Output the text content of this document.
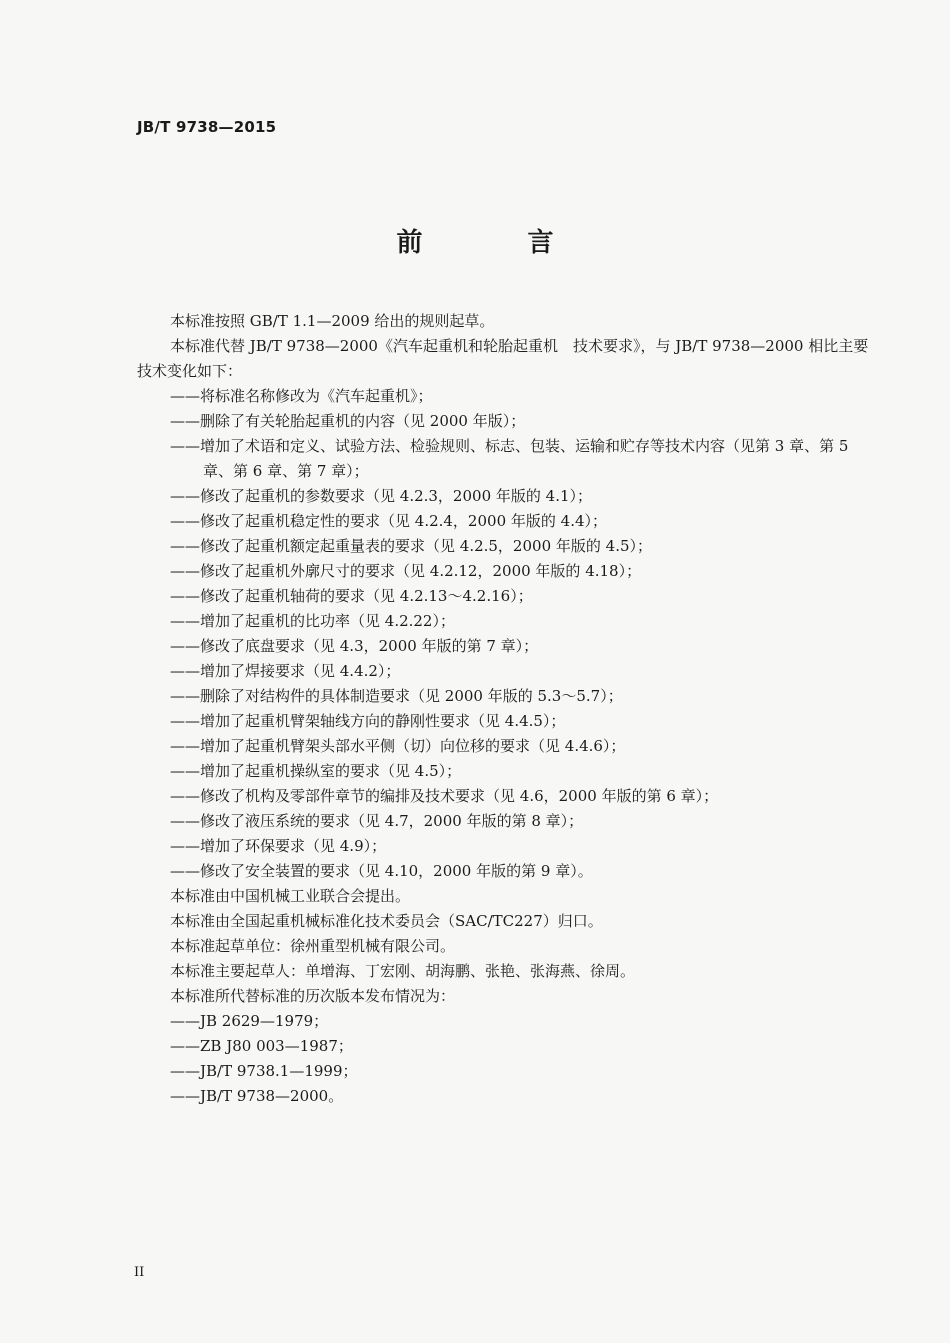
JB/T 9738—2015
前 言

本标准按照 GB/T 1.1—2009 给出的规则起草。

本标准代替 JB/T 9738—2000《汽车起重机和轮胎起重机　技术要求》，与 JB/T 9738—2000 相比主要技术变化如下：

——将标准名称修改为《汽车起重机》；
——删除了有关轮胎起重机的内容（见 2000 年版）；
——增加了术语和定义、试验方法、检验规则、标志、包装、运输和贮存等技术内容（见第 3 章、第 5 章、第 6 章、第 7 章）；
——修改了起重机的参数要求（见 4.2.3，2000 年版的 4.1）；
——修改了起重机稳定性的要求（见 4.2.4，2000 年版的 4.4）；
——修改了起重机额定起重量表的要求（见 4.2.5，2000 年版的 4.5）；
——修改了起重机外廓尺寸的要求（见 4.2.12，2000 年版的 4.18）；
——修改了起重机轴荷的要求（见 4.2.13～4.2.16）；
——增加了起重机的比功率（见 4.2.22）；
——修改了底盘要求（见 4.3，2000 年版的第 7 章）；
——增加了焊接要求（见 4.4.2）；
——删除了对结构件的具体制造要求（见 2000 年版的 5.3～5.7）；
——增加了起重机臂架轴线方向的静刚性要求（见 4.4.5）；
——增加了起重机臂架头部水平侧（切）向位移的要求（见 4.4.6）；
——增加了起重机操纵室的要求（见 4.5）；
——修改了机构及零部件章节的编排及技术要求（见 4.6，2000 年版的第 6 章）；
——修改了液压系统的要求（见 4.7，2000 年版的第 8 章）；
——增加了环保要求（见 4.9）；
——修改了安全装置的要求（见 4.10，2000 年版的第 9 章）。

本标准由中国机械工业联合会提出。

本标准由全国起重机械标准化技术委员会（SAC/TC227）归口。

本标准起草单位：徐州重型机械有限公司。

本标准主要起草人：单增海、丁宏刚、胡海鹏、张艳、张海燕、徐周。

本标准所代替标准的历次版本发布情况为：

——JB 2629—1979；
——ZB J80 003—1987；
——JB/T 9738.1—1999；
——JB/T 9738—2000。
II
